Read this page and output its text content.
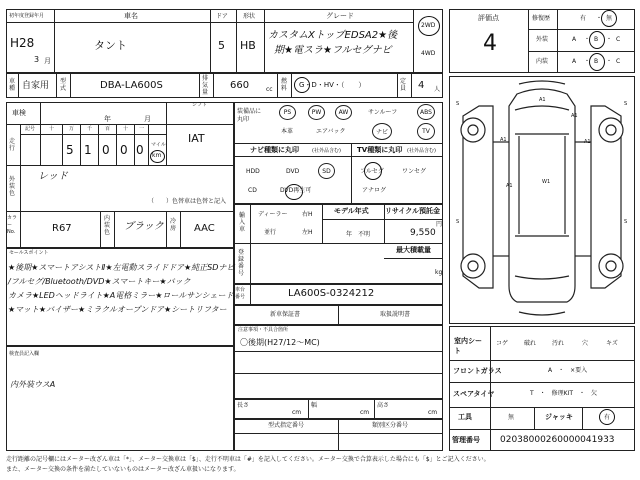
初年度登録年月
H28
3 月
車名
タント
ドア
5
形状
HB
グレード
カスタムXトップEDSA2★後
期★電スラ★フルセグナビ
2WD
4WD
車種 自家用 型式	DBA-LA600S
排気量
660	cc
燃料 G・D・HV・（　　）	定員 4 人
車検
年	月
シフト
IAT
走行
記号	十	万	千	百	十 一
5 1 0 0 0 マイル
km
外装色
レッド
（　　）色替車は色替と記入
カラーNo.	R67
内装色
ブラック 冷房 AAC
装備品に丸印
PS	PW	AW	サンルーフ	ABS
本革	エアバック	ナビ	TV
ナビ種類に丸印	(社外品含む)
HDD	DVD	SD
CD	DVD再生可
TV種類に丸印 (社外品含む)
フルセグ	ワンセグ
アナログ
輸入車
ディーラー
並行
右H
左H
モデル年式
年　不明
リサイクル預託金
9,550
円
最大積載量
kg
登録番号
車台番号	LA600S-0324212
新車保証書	取扱説明書
注意事項・不具合箇所
〇後期(H27/12〜MC)
長さ
cm
幅
cm
高さ
cm
型式指定番号	類別区分番号
セールスポイント
★後期★スマートアシストⅡ★左電動スライドドア★純正SDナビ
/フルセグ/Bluetooth/DVD★スマートキー★バック
カメラ★LEDヘッドライト★A電格ミラー★ロールサンシェード
★マット★バイザー★ミラクルオープンドア★シートリフター
検査員記入欄
内外装ウスA
評価点
4
修復歴	有 ・ 無
外装	A ・ B ・ C
内装	A ・ B ・ C
A1
A1
A1	A1
W1
A1
S	S
S	S
室内シート
コゲ	破れ	汚れ	穴	キズ
フロントガラス	A　・　×要入
スペアタイヤ	T　・　修理KIT　・　欠
工具	無	ジャッキ	有
管理番号 02038000260000041933
走行距離の記号欄にはメーター改ざん車は「*」、メーター交換車は「$」、走行不明車は「#」を記入してください。メーター交換で合算表示した場合にも「$」とご記入ください。
また、メーター交換の条件を満たしていないものはメーター改ざん車扱いになります。
